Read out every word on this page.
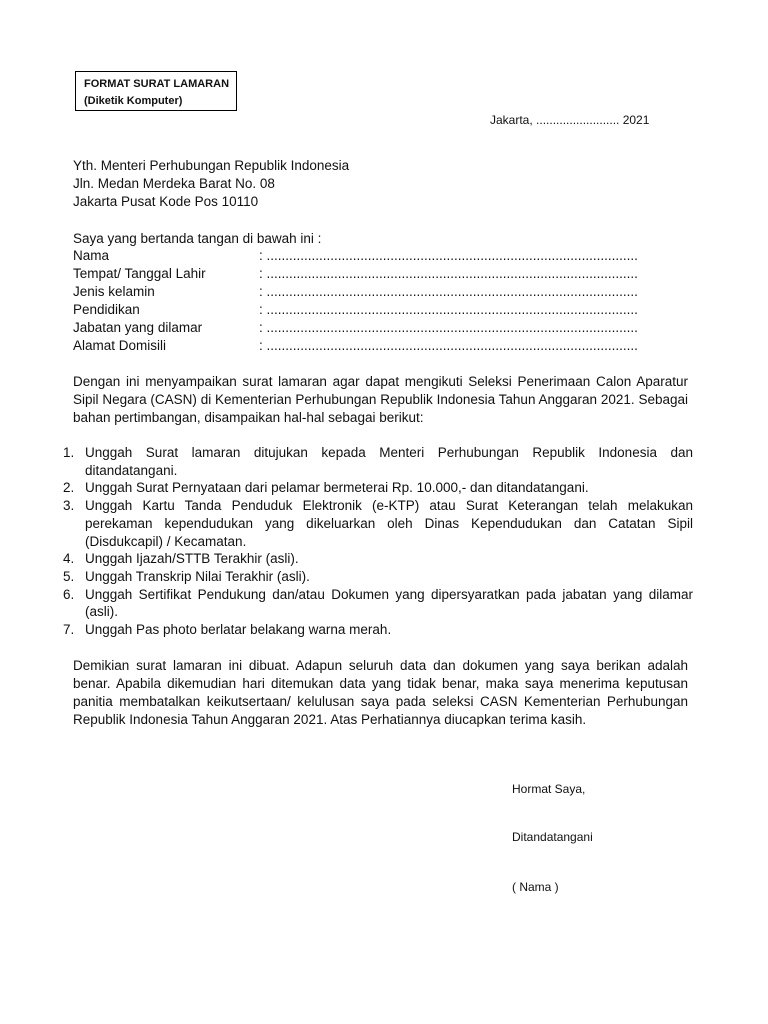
FORMAT SURAT LAMARAN
(Diketik Komputer)
Jakarta, ......................... 2021
Yth. Menteri Perhubungan Republik Indonesia
Jln. Medan Merdeka Barat No. 08
Jakarta Pusat Kode Pos 10110
Saya yang bertanda tangan di bawah ini :
Nama	: ...................................................................................................
Tempat/ Tanggal Lahir	: ...................................................................................................
Jenis kelamin	: ...................................................................................................
Pendidikan	: ...................................................................................................
Jabatan yang dilamar	: ...................................................................................................
Alamat Domisili	: ...................................................................................................
Dengan ini menyampaikan surat lamaran agar dapat mengikuti Seleksi Penerimaan Calon Aparatur Sipil Negara (CASN) di Kementerian Perhubungan Republik Indonesia Tahun Anggaran 2021. Sebagai bahan pertimbangan, disampaikan hal-hal sebagai berikut:
1. Unggah Surat lamaran ditujukan kepada Menteri Perhubungan Republik Indonesia dan ditandatangani.
2. Unggah Surat Pernyataan dari pelamar bermeterai Rp. 10.000,- dan ditandatangani.
3. Unggah Kartu Tanda Penduduk Elektronik (e-KTP) atau Surat Keterangan telah melakukan perekaman kependudukan yang dikeluarkan oleh Dinas Kependudukan dan Catatan Sipil (Disdukcapil) / Kecamatan.
4. Unggah Ijazah/STTB Terakhir (asli).
5. Unggah Transkrip Nilai Terakhir (asli).
6. Unggah Sertifikat Pendukung dan/atau Dokumen yang dipersyaratkan pada jabatan yang dilamar (asli).
7. Unggah Pas photo berlatar belakang warna merah.
Demikian surat lamaran ini dibuat. Adapun seluruh data dan dokumen yang saya berikan adalah benar. Apabila dikemudian hari ditemukan data yang tidak benar, maka saya menerima keputusan panitia membatalkan keikutsertaan/ kelulusan saya pada seleksi CASN Kementerian Perhubungan Republik Indonesia Tahun Anggaran 2021. Atas Perhatiannya diucapkan terima kasih.
Hormat Saya,
Ditandatangani
( Nama )
